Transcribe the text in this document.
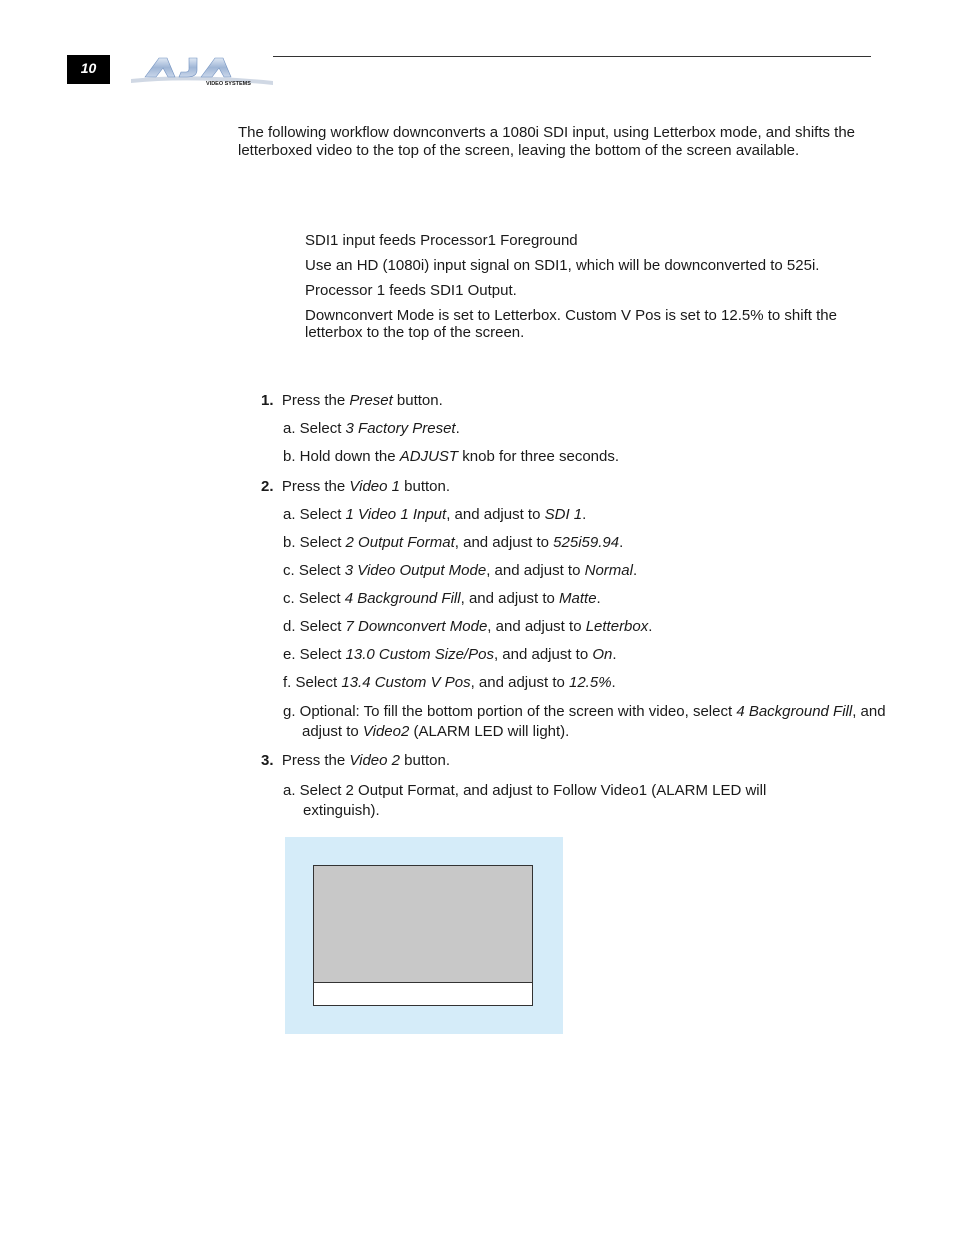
10
VIDEO SYSTEMS
The following workflow downconverts a 1080i SDI input, using Letterbox mode, and shifts the letterboxed video to the top of the screen, leaving the bottom of the screen available.
SDI1 input feeds Processor1 Foreground
Use an HD (1080i) input signal on SDI1, which will be downconverted to 525i.
Processor 1 feeds SDI1 Output.
Downconvert Mode is set to Letterbox. Custom V Pos is set to 12.5% to shift the letterbox to the top of the screen.
1. Press the Preset button.
a. Select 3 Factory Preset.
b. Hold down the ADJUST knob for three seconds.
2. Press the Video 1 button.
a. Select 1 Video 1 Input, and adjust to SDI 1.
b. Select 2 Output Format, and adjust to 525i59.94.
c. Select 3 Video Output Mode, and adjust to Normal.
c. Select 4 Background Fill, and adjust to Matte.
d. Select 7 Downconvert Mode, and adjust to Letterbox.
e. Select 13.0 Custom Size/Pos, and adjust to On.
f. Select 13.4 Custom V Pos, and adjust to 12.5%.
g. Optional: To fill the bottom portion of the screen with video, select 4 Background Fill, and adjust to Video2 (ALARM LED will light).
3. Press the Video 2 button.
a. Select 2 Output Format, and adjust to Follow Video1 (ALARM LED will extinguish).
